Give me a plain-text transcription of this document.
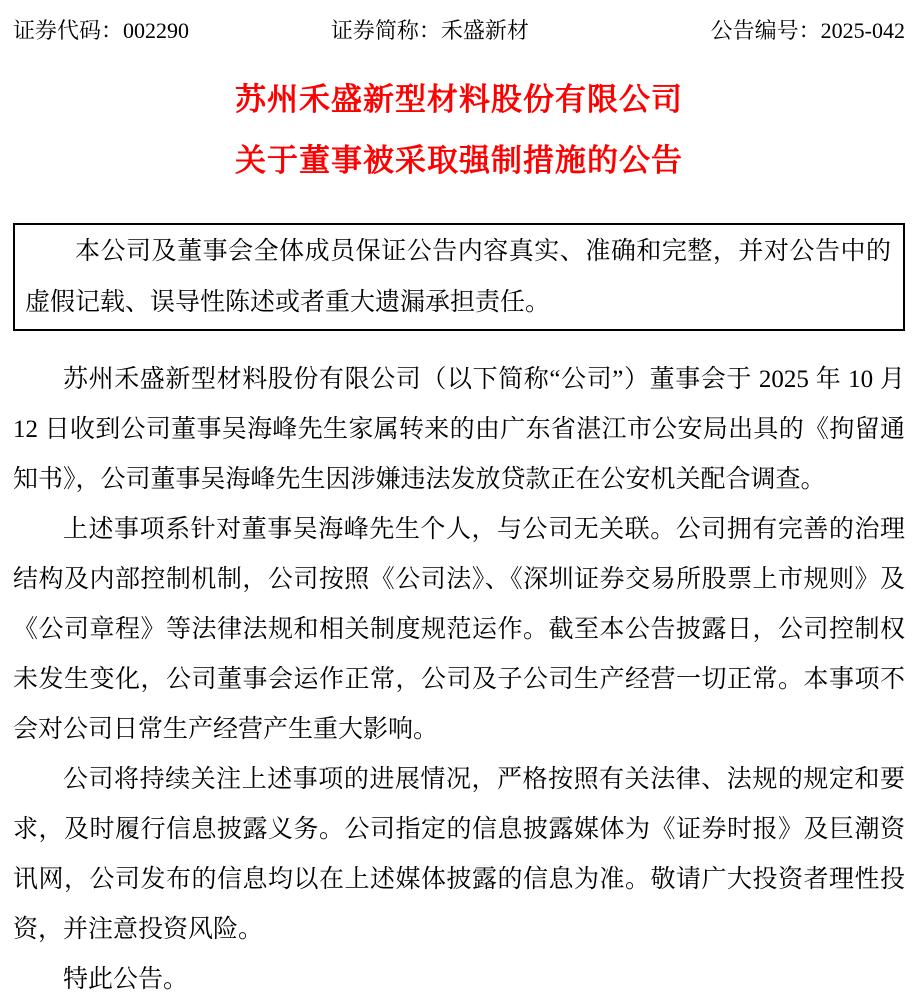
证券代码：002290	证券简称：禾盛新材	公告编号：2025-042
苏州禾盛新型材料股份有限公司
关于董事被采取强制措施的公告

本公司及董事会全体成员保证公告内容真实、准确和完整，并对公告中的虚假记载、误导性陈述或者重大遗漏承担责任。

苏州禾盛新型材料股份有限公司（以下简称“公司”）董事会于 2025 年 10 月 12 日收到公司董事吴海峰先生家属转来的由广东省湛江市公安局出具的《拘留通知书》，公司董事吴海峰先生因涉嫌违法发放贷款正在公安机关配合调查。

上述事项系针对董事吴海峰先生个人，与公司无关联。公司拥有完善的治理结构及内部控制机制，公司按照《公司法》、《深圳证券交易所股票上市规则》及《公司章程》等法律法规和相关制度规范运作。截至本公告披露日，公司控制权未发生变化，公司董事会运作正常，公司及子公司生产经营一切正常。本事项不会对公司日常生产经营产生重大影响。

公司将持续关注上述事项的进展情况，严格按照有关法律、法规的规定和要求，及时履行信息披露义务。公司指定的信息披露媒体为《证券时报》及巨潮资讯网，公司发布的信息均以在上述媒体披露的信息为准。敬请广大投资者理性投资，并注意投资风险。

特此公告。
